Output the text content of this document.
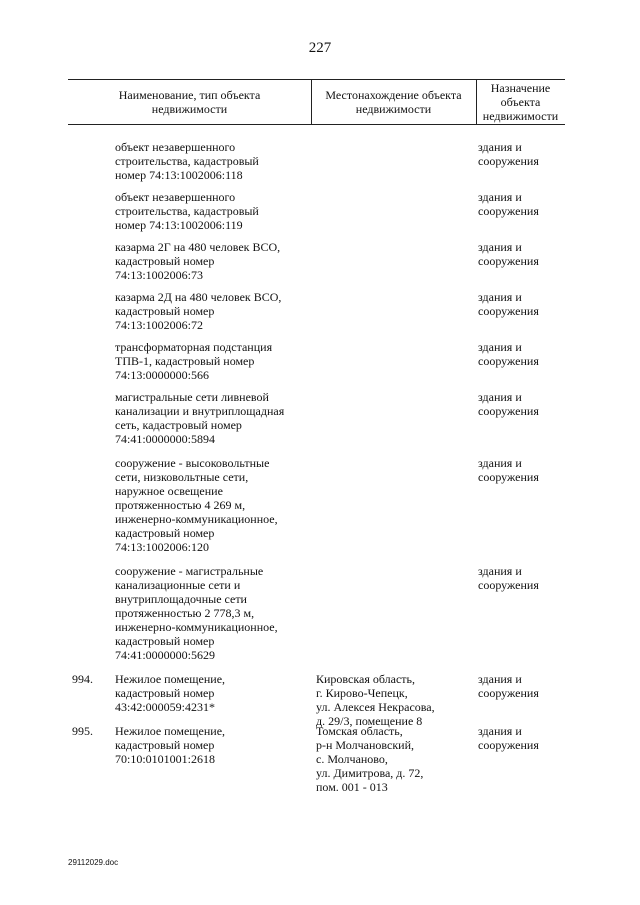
227
Наименование, тип объекта
недвижимости
Местонахождение объекта
недвижимости
Назначение
объекта
недвижимости
объект незавершенного
строительства, кадастровый
номер 74:13:1002006:118
здания и
сооружения
объект незавершенного
строительства, кадастровый
номер 74:13:1002006:119
здания и
сооружения
казарма 2Г на 480 человек ВСО,
кадастровый номер
74:13:1002006:73
здания и
сооружения
казарма 2Д на 480 человек ВСО,
кадастровый номер
74:13:1002006:72
здания и
сооружения
трансформаторная подстанция
ТПВ-1, кадастровый номер
74:13:0000000:566
здания и
сооружения
магистральные сети ливневой
канализации и внутриплощадная
сеть, кадастровый номер
74:41:0000000:5894
здания и
сооружения
сооружение - высоковольтные
сети, низковольтные сети,
наружное освещение
протяженностью 4 269 м,
инженерно-коммуникационное,
кадастровый номер
74:13:1002006:120
здания и
сооружения
сооружение - магистральные
канализационные сети и
внутриплощадочные сети
протяженностью 2 778,3 м,
инженерно-коммуникационное,
кадастровый номер
74:41:0000000:5629
здания и
сооружения
994. Нежилое помещение,
кадастровый номер
43:42:000059:4231*
Кировская область,
г. Кирово-Чепецк,
ул. Алексея Некрасова,
д. 29/3, помещение 8
здания и
сооружения
995. Нежилое помещение,
кадастровый номер
70:10:0101001:2618
Томская область,
р-н Молчановский,
с. Молчаново,
ул. Димитрова, д. 72,
пом. 001 - 013
здания и
сооружения
29112029.doc
